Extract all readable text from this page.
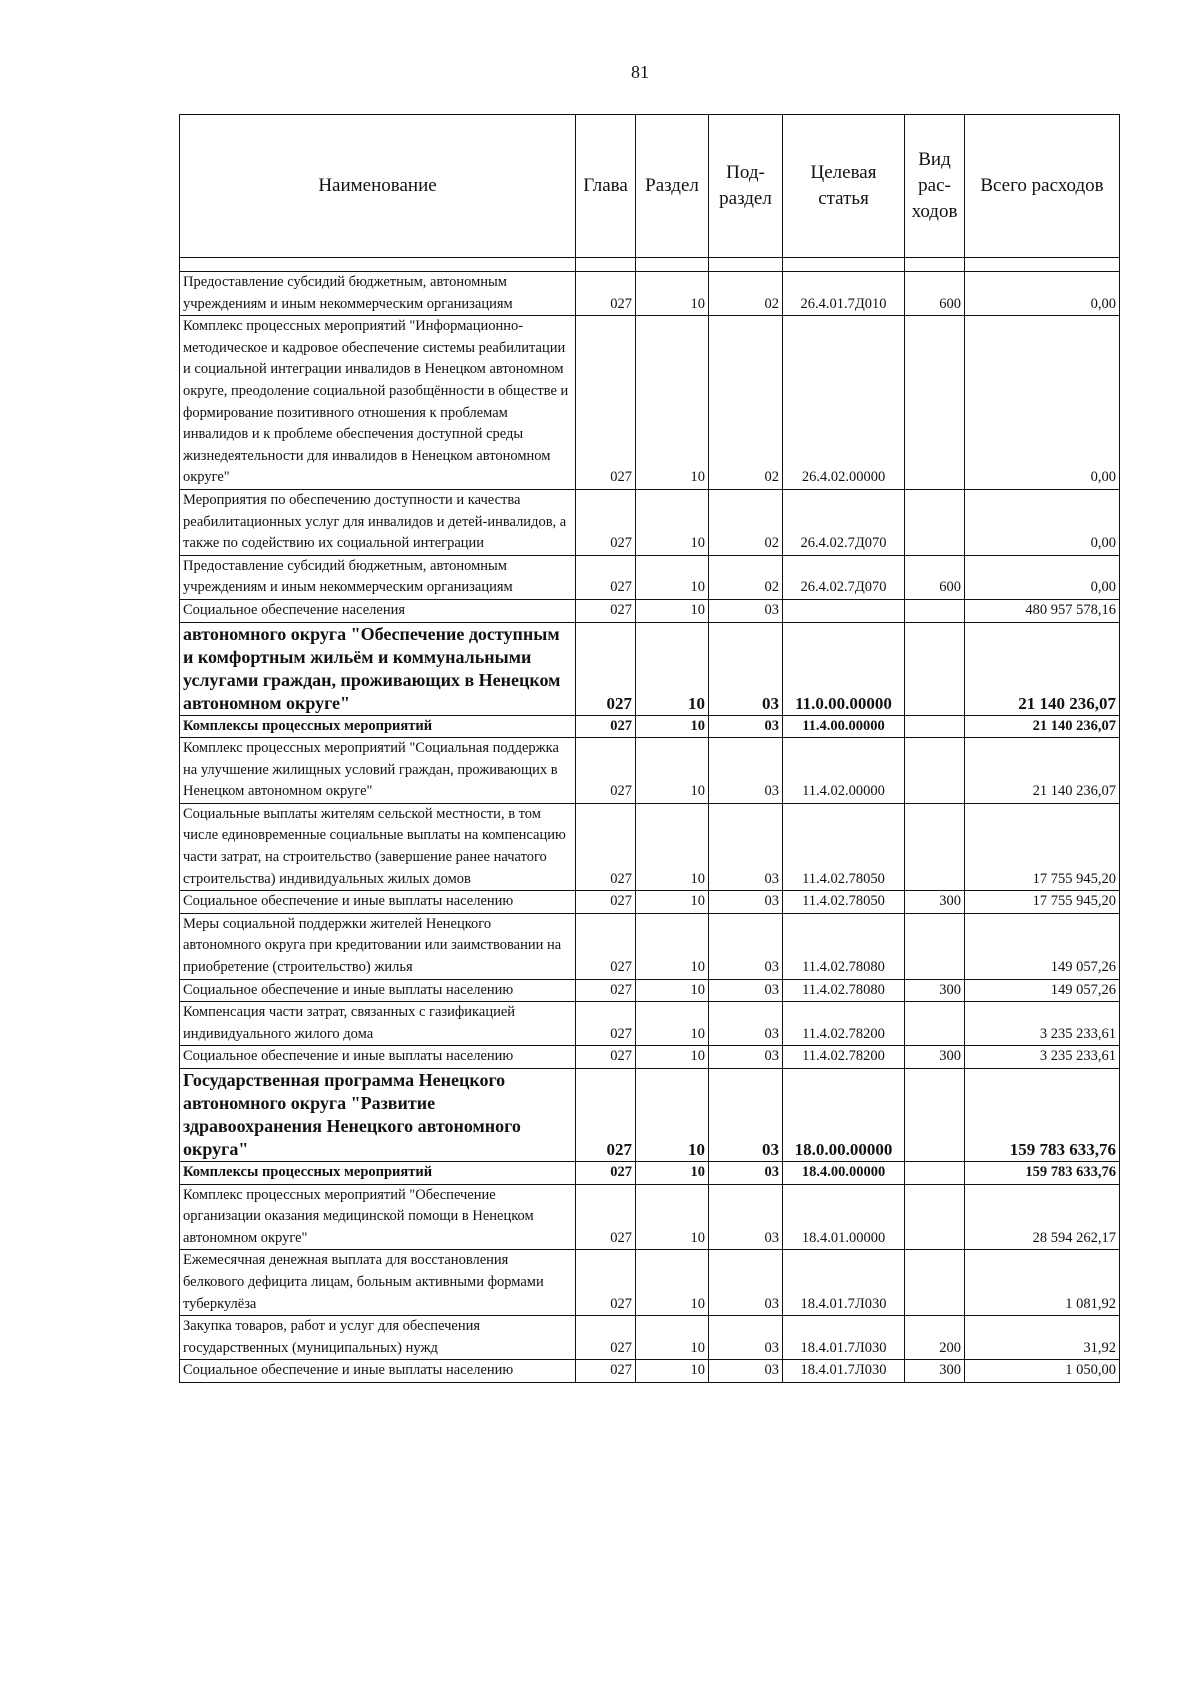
81
Наименование	Глава	Раздел	Под-раздел	Целевая статья	Вид рас-ходов	Всего расходов

Предоставление субсидий бюджетным, автономным учреждениям и иным некоммерческим организациям	027	10	02	26.4.01.7Д010	600	0,00
Комплекс процессных мероприятий "Информационно-методическое и кадровое обеспечение системы реабилитации и социальной интеграции инвалидов в Ненецком автономном округе, преодоление социальной разобщённости в обществе и формирование позитивного отношения к проблемам инвалидов и к проблеме обеспечения доступной среды жизнедеятельности для инвалидов в Ненецком автономном округе"	027	10	02	26.4.02.00000		0,00
Мероприятия по обеспечению доступности и качества реабилитационных услуг для инвалидов и детей-инвалидов, а также по содействию их социальной интеграции	027	10	02	26.4.02.7Д070		0,00
Предоставление субсидий бюджетным, автономным учреждениям и иным некоммерческим организациям	027	10	02	26.4.02.7Д070	600	0,00
Социальное обеспечение населения	027	10	03			480 957 578,16
автономного округа "Обеспечение доступным и комфортным жильём и коммунальными услугами граждан, проживающих в Ненецком автономном округе"	027	10	03	11.0.00.00000		21 140 236,07
Комплексы процессных мероприятий	027	10	03	11.4.00.00000		21 140 236,07
Комплекс процессных мероприятий "Социальная поддержка на улучшение жилищных условий граждан, проживающих в Ненецком автономном округе"	027	10	03	11.4.02.00000		21 140 236,07
Социальные выплаты жителям сельской местности, в том числе единовременные социальные выплаты на компенсацию части затрат, на строительство (завершение ранее начатого строительства) индивидуальных жилых домов	027	10	03	11.4.02.78050		17 755 945,20
Социальное обеспечение и иные выплаты населению	027	10	03	11.4.02.78050	300	17 755 945,20
Меры социальной поддержки жителей Ненецкого автономного округа при кредитовании или заимствовании на приобретение (строительство) жилья	027	10	03	11.4.02.78080		149 057,26
Социальное обеспечение и иные выплаты населению	027	10	03	11.4.02.78080	300	149 057,26
Компенсация части затрат, связанных с газификацией индивидуального жилого дома	027	10	03	11.4.02.78200		3 235 233,61
Социальное обеспечение и иные выплаты населению	027	10	03	11.4.02.78200	300	3 235 233,61
Государственная программа Ненецкого автономного округа "Развитие здравоохранения Ненецкого автономного округа"	027	10	03	18.0.00.00000		159 783 633,76
Комплексы процессных мероприятий	027	10	03	18.4.00.00000		159 783 633,76
Комплекс процессных мероприятий "Обеспечение организации оказания медицинской помощи в Ненецком автономном округе"	027	10	03	18.4.01.00000		28 594 262,17
Ежемесячная денежная выплата для восстановления белкового дефицита лицам, больным активными формами туберкулёза	027	10	03	18.4.01.7Л030		1 081,92
Закупка товаров, работ и услуг для обеспечения государственных (муниципальных) нужд	027	10	03	18.4.01.7Л030	200	31,92
Социальное обеспечение и иные выплаты населению	027	10	03	18.4.01.7Л030	300	1 050,00
